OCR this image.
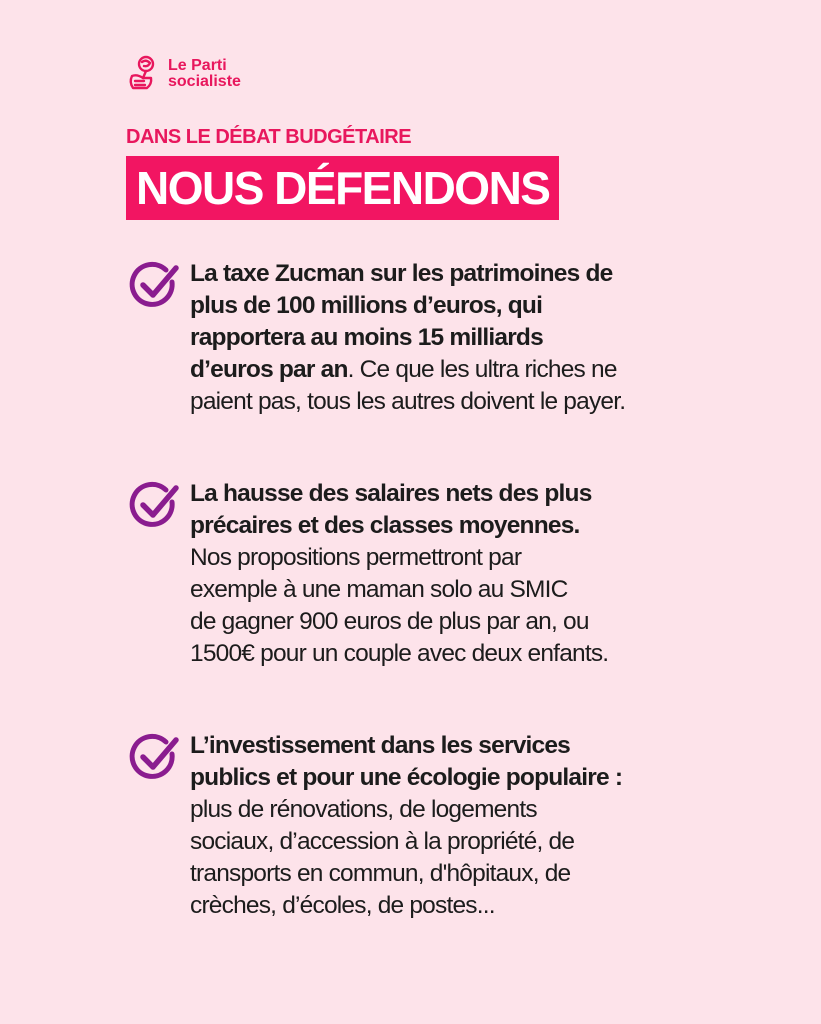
Le Parti
socialiste
DANS LE DÉBAT BUDGÉTAIRE
NOUS DÉFENDONS

La taxe Zucman sur les patrimoines de

plus de 100 millions d’euros, qui

rapportera au moins 15 milliards

d’euros par an. Ce que les ultra riches ne

paient pas, tous les autres doivent le payer.

La hausse des salaires nets des plus

précaires et des classes moyennes.

Nos propositions permettront par

exemple à une maman solo au SMIC

de gagner 900 euros de plus par an, ou

1500€ pour un couple avec deux enfants.

L’investissement dans les services

publics et pour une écologie populaire :

plus de rénovations, de logements

sociaux, d’accession à la propriété, de

transports en commun, d'hôpitaux, de

crèches, d’écoles, de postes...
